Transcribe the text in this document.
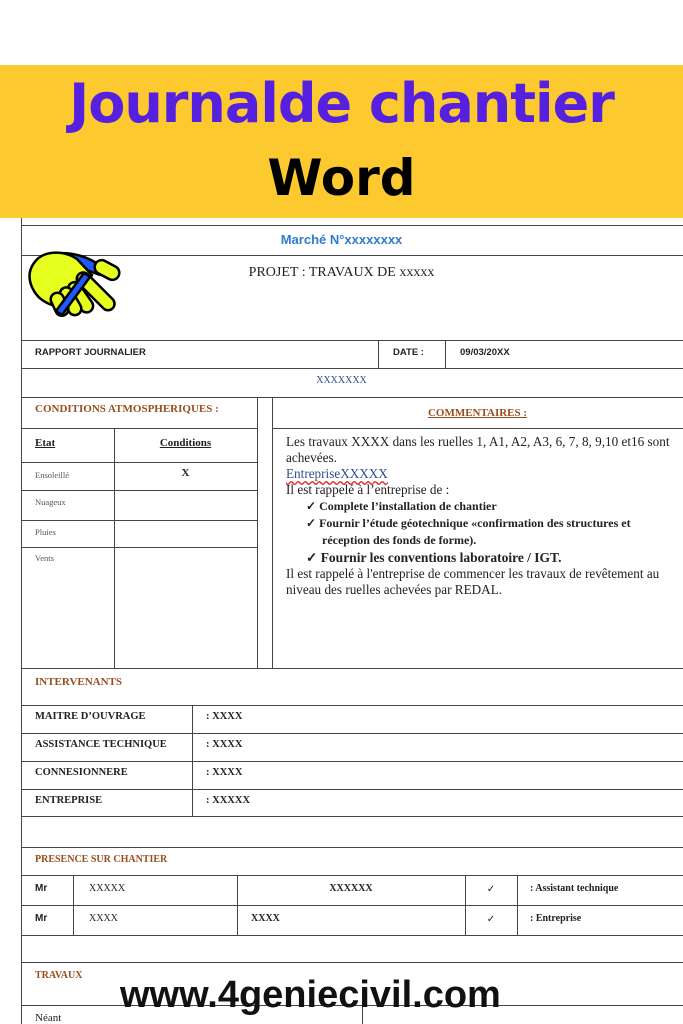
Journalde chantier
Word
Marché N°xxxxxxxx
PROJET : TRAVAUX DE xxxxx
RAPPORT JOURNALIER	DATE :	09/03/20XX
XXXXXXX
CONDITIONS ATMOSPHERIQUES :	COMMENTAIRES :
Etat	Conditions
Ensoleillé	X
Nuageux
Pluies
Vents
Les travaux XXXX dans les ruelles 1, A1, A2, A3, 6, 7, 8, 9,10 et16 sont achevées.
EntrepriseXXXXX
Il est rappelé à l’entreprise de :
✓ Complete l’installation de chantier
✓ Fournir l’étude géotechnique «confirmation des structures et réception des fonds de forme).
✓ Fournir les conventions laboratoire / IGT.
Il est rappelé à l'entreprise de commencer les travaux de revêtement au niveau des ruelles achevées par REDAL.
INTERVENANTS
MAITRE D’OUVRAGE	: XXXX
ASSISTANCE TECHNIQUE	: XXXX
CONNESIONNERE	: XXXX
ENTREPRISE	: XXXXX
PRESENCE SUR CHANTIER
Mr	XXXXX	XXXXXX	✓	: Assistant technique
Mr	XXXX	XXXX	✓	: Entreprise
TRAVAUX
Néant
www.4geniecivil.com
